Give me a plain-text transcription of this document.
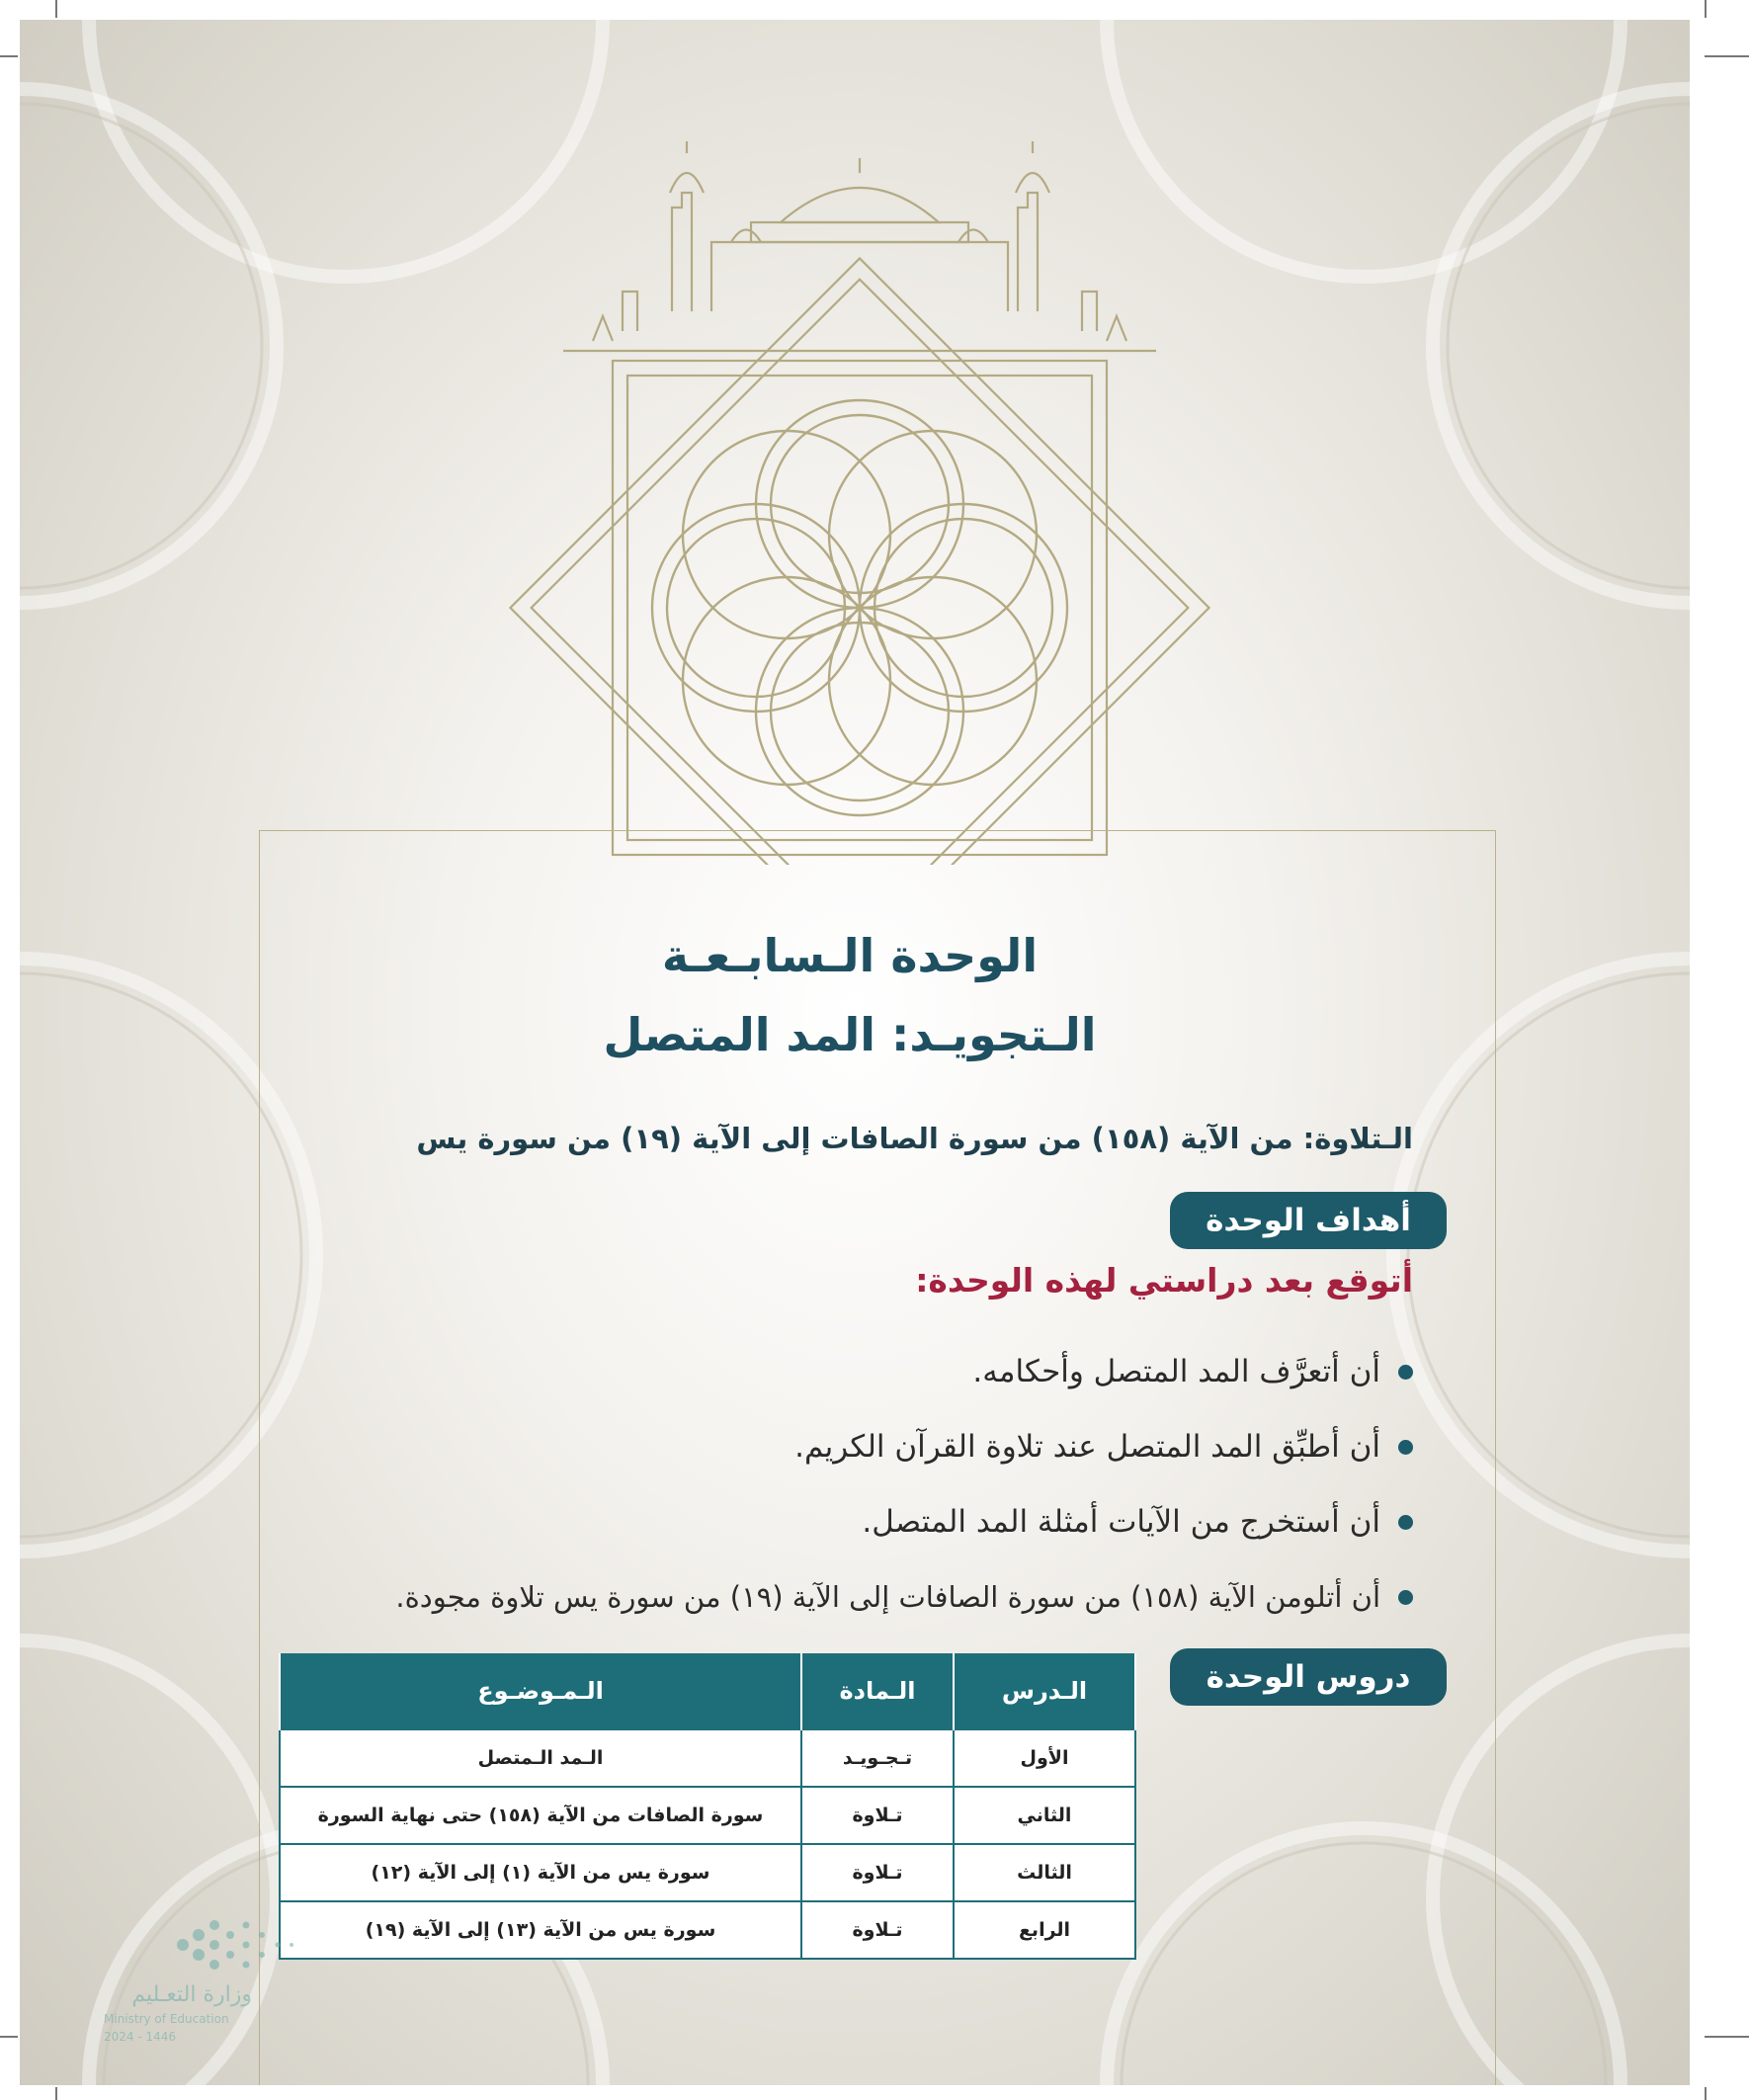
الوحدة الـسابـعـة
الـتجويـد: المد المتصل
الـتلاوة: من الآية (١٥٨) من سورة الصافات إلى الآية (١٩) من سورة يس
أهداف الوحدة
أتوقع بعد دراستي لهذه الوحدة:
أن أتعرَّف المد المتصل وأحكامه.
أن أطبِّق المد المتصل عند تلاوة القرآن الكريم.
أن أستخرج من الآيات أمثلة المد المتصل.
أن أتلومن الآية (١٥٨) من سورة الصافات إلى الآية (١٩) من سورة يس تلاوة مجودة.
دروس الوحدة
الـدرس	الـمادة	الـمـوضـوع
الأول	تـجـويـد	الـمد الـمتصل
الثاني	تـلاوة	سورة الصافات من الآية (١٥٨) حتى نهاية السورة
الثالث	تـلاوة	سورة يس من الآية (١) إلى الآية (١٢)
الرابع	تـلاوة	سورة يس من الآية (١٣) إلى الآية (١٩)
وزارة التعـليم
Ministry of Education
2024 - 1446
